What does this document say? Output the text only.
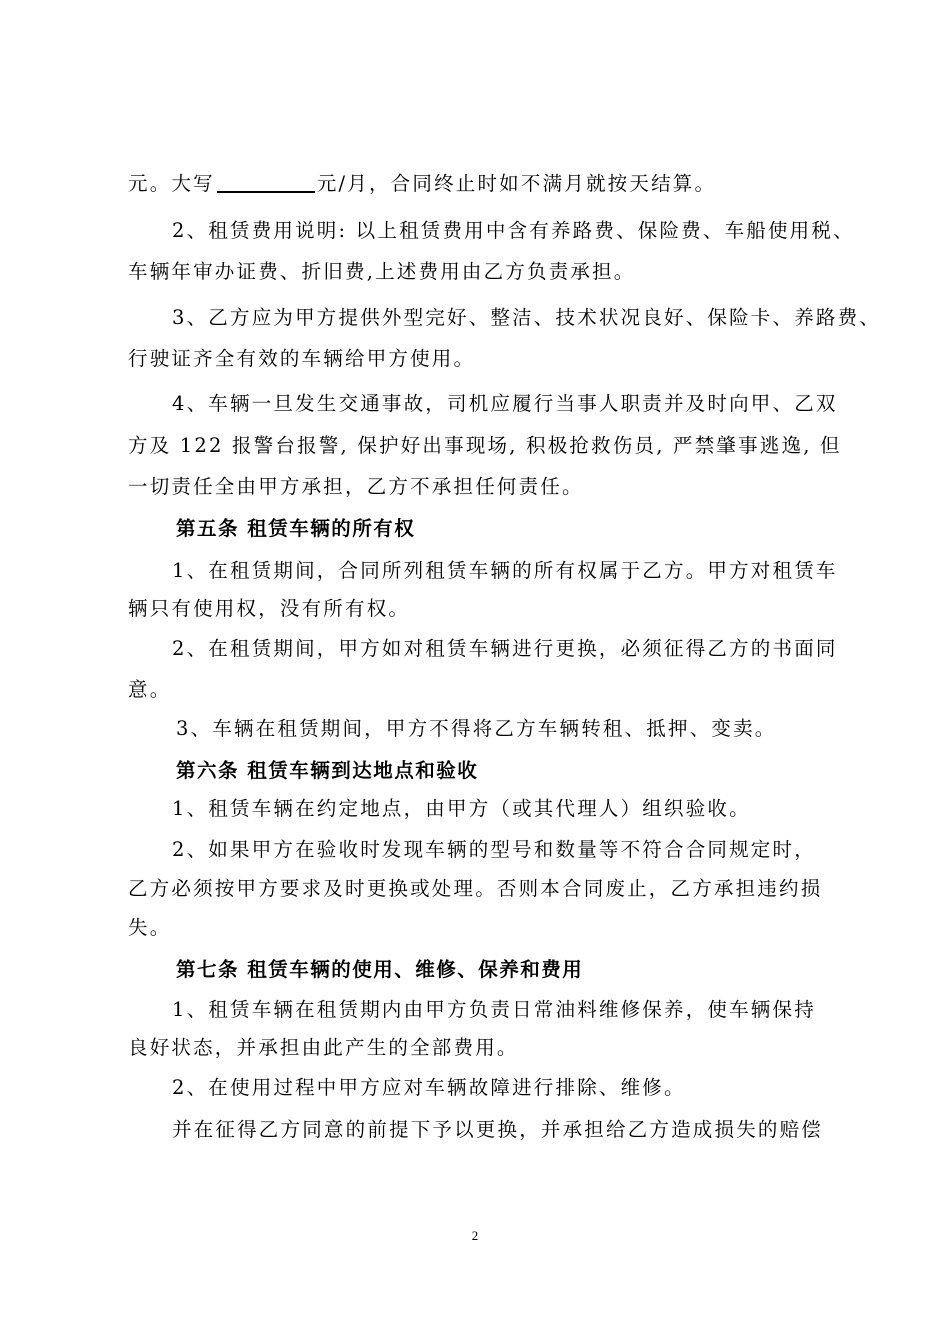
元。大写	元/月，合同终止时如不满月就按天结算。
2、租赁费用说明: 以上租赁费用中含有养路费、保险费、车船使用税、
车辆年审办证费、折旧费,上述费用由乙方负责承担。
3、乙方应为甲方提供外型完好、整洁、技术状况良好、保险卡、养路费、
行驶证齐全有效的车辆给甲方使用。
4、车辆一旦发生交通事故，司机应履行当事人职责并及时向甲、乙双
方及 122 报警台报警, 保护好出事现场, 积极抢救伤员, 严禁肇事逃逸, 但
一切责任全由甲方承担，乙方不承担任何责任。
第五条 租赁车辆的所有权
1、在租赁期间，合同所列租赁车辆的所有权属于乙方。甲方对租赁车
辆只有使用权，没有所有权。
2、在租赁期间，甲方如对租赁车辆进行更换，必须征得乙方的书面同
意。
3、车辆在租赁期间，甲方不得将乙方车辆转租、抵押、变卖。
第六条 租赁车辆到达地点和验收
1、租赁车辆在约定地点，由甲方（或其代理人）组织验收。
2、如果甲方在验收时发现车辆的型号和数量等不符合合同规定时，
乙方必须按甲方要求及时更换或处理。否则本合同废止，乙方承担违约损
失。
第七条 租赁车辆的使用、维修、保养和费用
1、租赁车辆在租赁期内由甲方负责日常油料维修保养，使车辆保持
良好状态，并承担由此产生的全部费用。
2、在使用过程中甲方应对车辆故障进行排除、维修。
并在征得乙方同意的前提下予以更换，并承担给乙方造成损失的赔偿
2
